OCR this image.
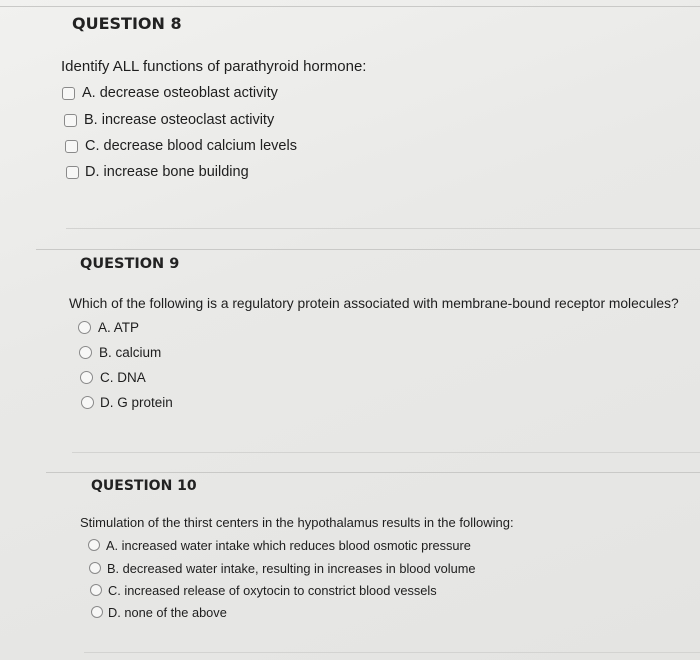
QUESTION 8
Identify ALL functions of parathyroid hormone:
A. decrease osteoblast activity
B. increase osteoclast activity
C. decrease blood calcium levels
D. increase bone building
QUESTION 9
Which of the following is a regulatory protein associated with membrane-bound receptor molecules?
A. ATP
B. calcium
C. DNA
D. G protein
QUESTION 10
Stimulation of the thirst centers in the hypothalamus results in the following:
A. increased water intake which reduces blood osmotic pressure
B. decreased water intake, resulting in increases in blood volume
C. increased release of oxytocin to constrict blood vessels
D. none of the above
